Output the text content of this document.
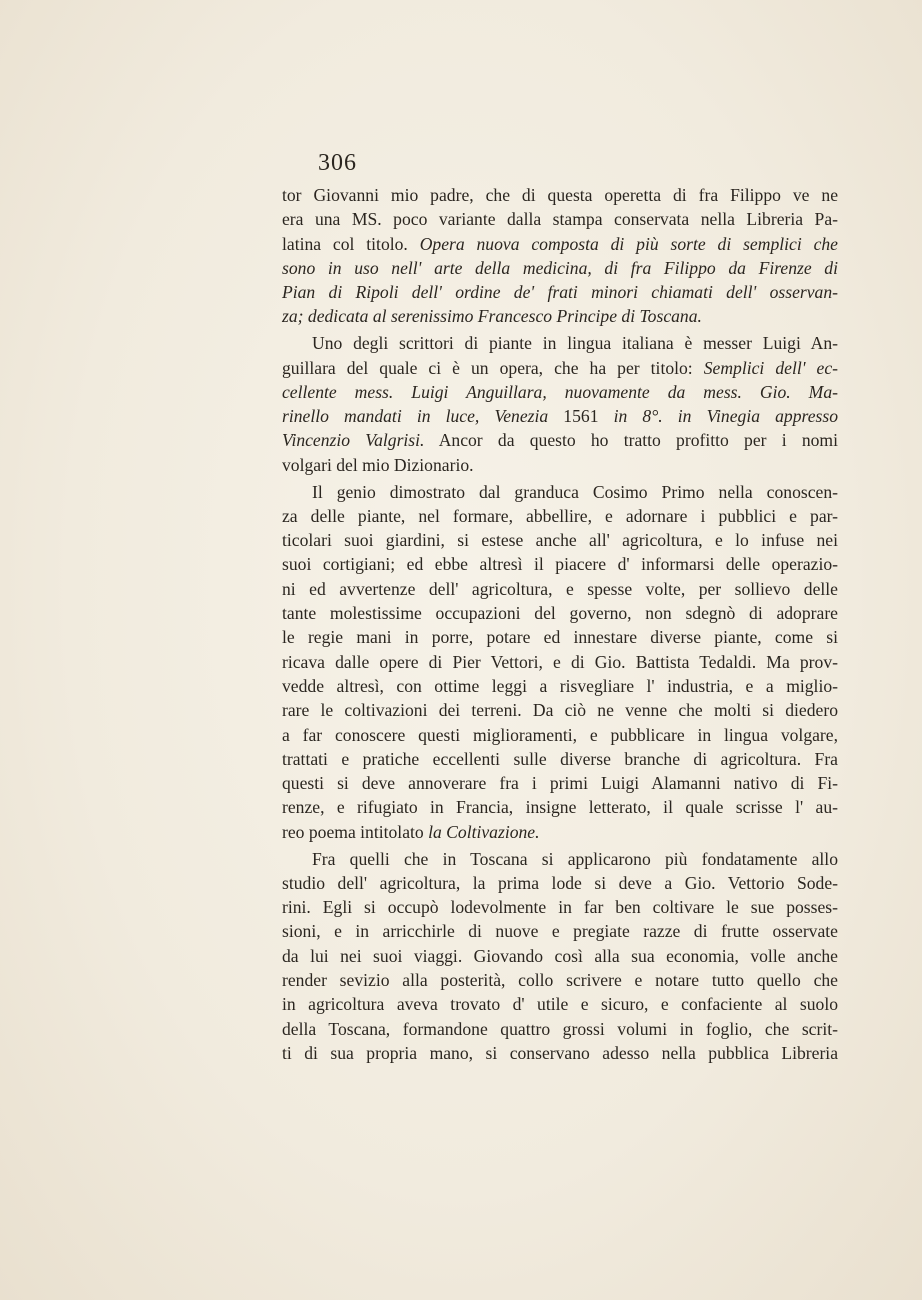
306
tor Giovanni mio padre, che di questa operetta di fra Filippo ve ne
era una MS. poco variante dalla stampa conservata nella Libreria Pa-
latina col titolo. Opera nuova composta di più sorte di semplici che
sono in uso nell' arte della medicina, di fra Filippo da Firenze di
Pian di Ripoli dell' ordine de' frati minori chiamati dell' osservan-
za; dedicata al serenissimo Francesco Principe di Toscana.
Uno degli scrittori di piante in lingua italiana è messer Luigi An-
guillara del quale ci è un opera, che ha per titolo: Semplici dell' ec-
cellente mess. Luigi Anguillara, nuovamente da mess. Gio. Ma-
rinello mandati in luce, Venezia 1561 in 8°. in Vinegia appresso
Vincenzio Valgrisi. Ancor da questo ho tratto profitto per i nomi
volgari del mio Dizionario.
Il genio dimostrato dal granduca Cosimo Primo nella conoscen-
za delle piante, nel formare, abbellire, e adornare i pubblici e par-
ticolari suoi giardini, si estese anche all' agricoltura, e lo infuse nei
suoi cortigiani; ed ebbe altresì il piacere d' informarsi delle operazio-
ni ed avvertenze dell' agricoltura, e spesse volte, per sollievo delle
tante molestissime occupazioni del governo, non sdegnò di adoprare
le regie mani in porre, potare ed innestare diverse piante, come si
ricava dalle opere di Pier Vettori, e di Gio. Battista Tedaldi. Ma prov-
vedde altresì, con ottime leggi a risvegliare l' industria, e a miglio-
rare le coltivazioni dei terreni. Da ciò ne venne che molti si diedero
a far conoscere questi miglioramenti, e pubblicare in lingua volgare,
trattati e pratiche eccellenti sulle diverse branche di agricoltura. Fra
questi si deve annoverare fra i primi Luigi Alamanni nativo di Fi-
renze, e rifugiato in Francia, insigne letterato, il quale scrisse l' au-
reo poema intitolato la Coltivazione.
Fra quelli che in Toscana si applicarono più fondatamente allo
studio dell' agricoltura, la prima lode si deve a Gio. Vettorio Sode-
rini. Egli si occupò lodevolmente in far ben coltivare le sue posses-
sioni, e in arricchirle di nuove e pregiate razze di frutte osservate
da lui nei suoi viaggi. Giovando così alla sua economia, volle anche
render sevizio alla posterità, collo scrivere e notare tutto quello che
in agricoltura aveva trovato d' utile e sicuro, e confaciente al suolo
della Toscana, formandone quattro grossi volumi in foglio, che scrit-
ti di sua propria mano, si conservano adesso nella pubblica Libreria
